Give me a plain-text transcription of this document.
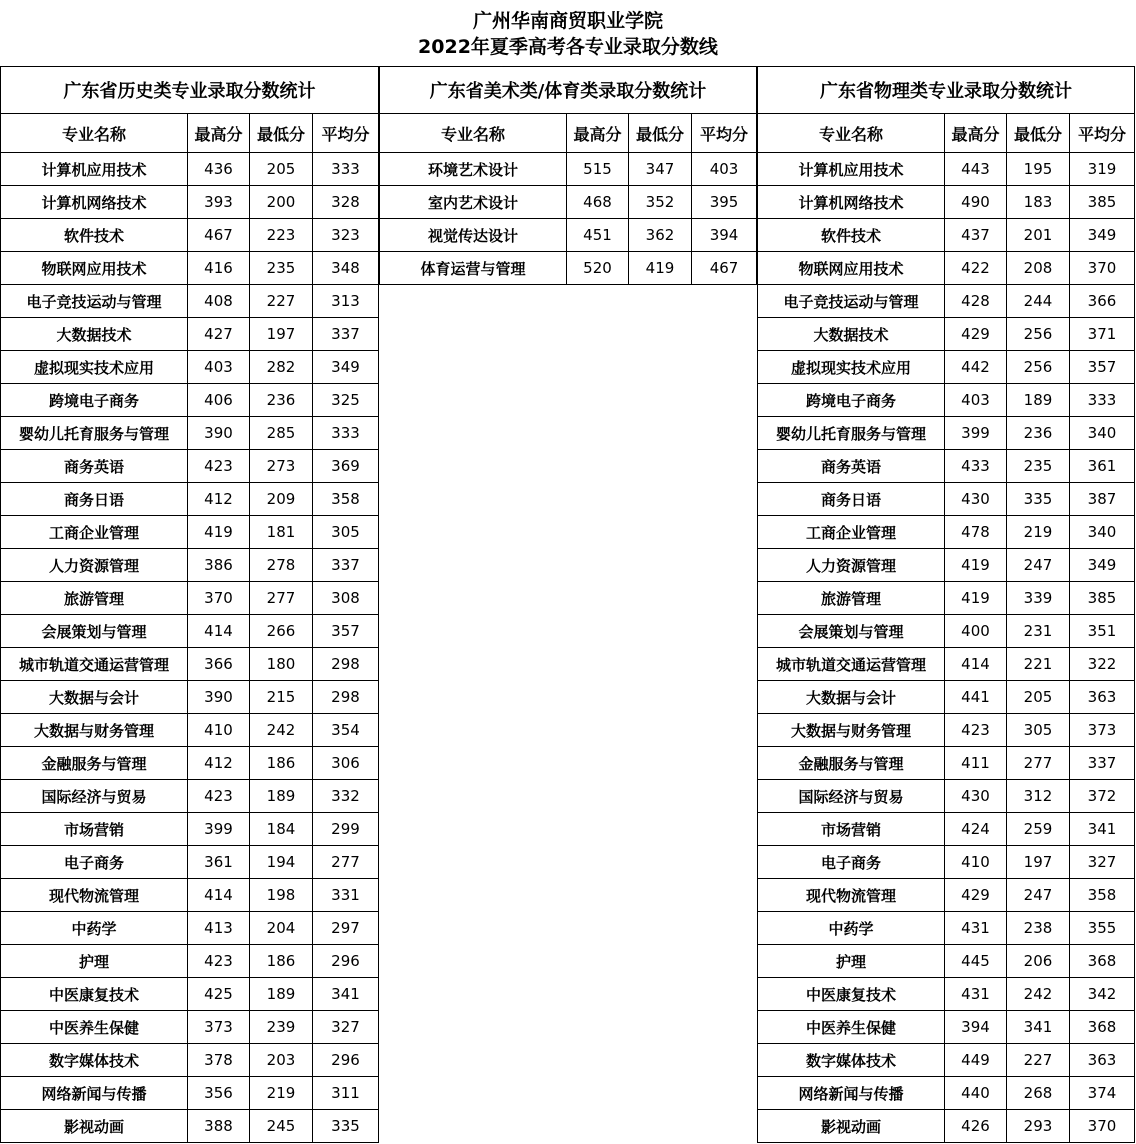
广州华南商贸职业学院
2022年夏季高考各专业录取分数线
广东省历史类专业录取分数统计			
专业名称	最高分	最低分	平均分
计算机应用技术	436	205	333
计算机网络技术	393	200	328
软件技术	467	223	323
物联网应用技术	416	235	348
电子竞技运动与管理	408	227	313
大数据技术	427	197	337
虚拟现实技术应用	403	282	349
跨境电子商务	406	236	325
婴幼儿托育服务与管理	390	285	333
商务英语	423	273	369
商务日语	412	209	358
工商企业管理	419	181	305
人力资源管理	386	278	337
旅游管理	370	277	308
会展策划与管理	414	266	357
城市轨道交通运营管理	366	180	298
大数据与会计	390	215	298
大数据与财务管理	410	242	354
金融服务与管理	412	186	306
国际经济与贸易	423	189	332
市场营销	399	184	299
电子商务	361	194	277
现代物流管理	414	198	331
中药学	413	204	297
护理	423	186	296
中医康复技术	425	189	341
中医养生保健	373	239	327
数字媒体技术	378	203	296
网络新闻与传播	356	219	311
影视动画	388	245	335
广东省美术类/体育类录取分数统计			
专业名称	最高分	最低分	平均分
环境艺术设计	515	347	403
室内艺术设计	468	352	395
视觉传达设计	451	362	394
体育运营与管理	520	419	467
广东省物理类专业录取分数统计			
专业名称	最高分	最低分	平均分
计算机应用技术	443	195	319
计算机网络技术	490	183	385
软件技术	437	201	349
物联网应用技术	422	208	370
电子竞技运动与管理	428	244	366
大数据技术	429	256	371
虚拟现实技术应用	442	256	357
跨境电子商务	403	189	333
婴幼儿托育服务与管理	399	236	340
商务英语	433	235	361
商务日语	430	335	387
工商企业管理	478	219	340
人力资源管理	419	247	349
旅游管理	419	339	385
会展策划与管理	400	231	351
城市轨道交通运营管理	414	221	322
大数据与会计	441	205	363
大数据与财务管理	423	305	373
金融服务与管理	411	277	337
国际经济与贸易	430	312	372
市场营销	424	259	341
电子商务	410	197	327
现代物流管理	429	247	358
中药学	431	238	355
护理	445	206	368
中医康复技术	431	242	342
中医养生保健	394	341	368
数字媒体技术	449	227	363
网络新闻与传播	440	268	374
影视动画	426	293	370
